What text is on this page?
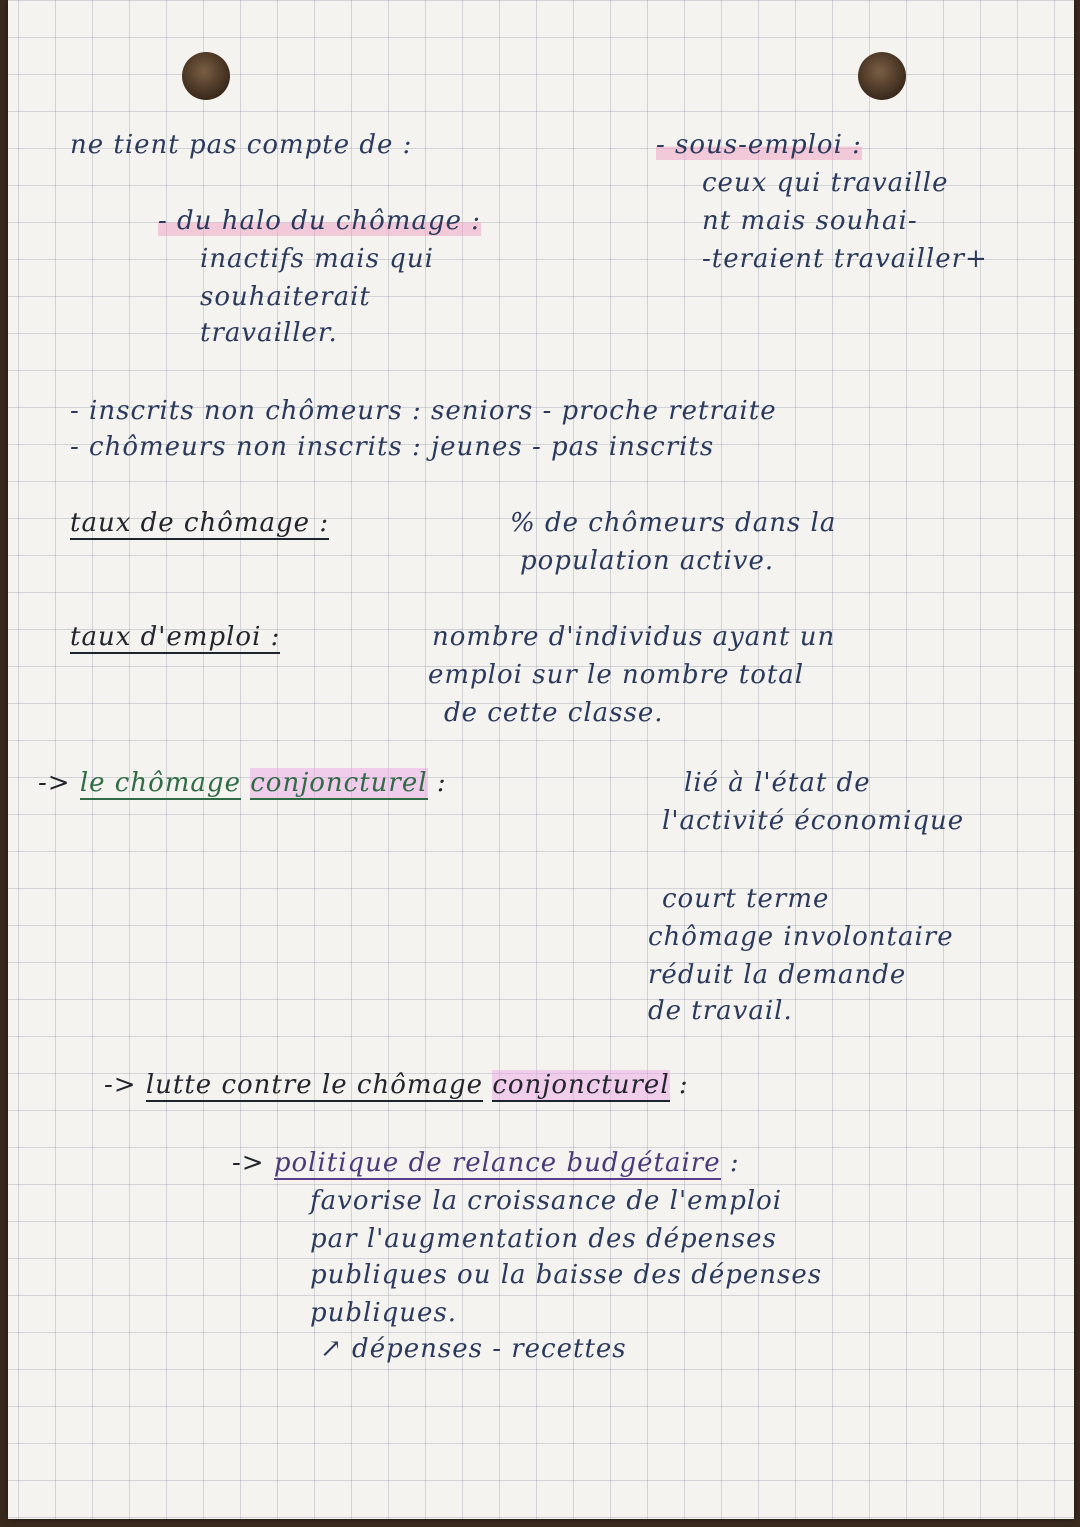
ne tient pas compte de :	- sous-emploi :
ceux qui travaille
- du halo du chômage :	nt mais souhai-
inactifs mais qui	-teraient travailler+
souhaiterait
travailler.
- inscrits non chômeurs : seniors - proche retraite
- chômeurs non inscrits : jeunes - pas inscrits
taux de chômage :	% de chômeurs dans la
population active.
taux d'emploi :	nombre d'individus ayant un
emploi sur le nombre total
de cette classe.
-> le chômage conjoncturel :	lié à l'état de
l'activité économique
court terme
chômage involontaire
réduit la demande
de travail.
-> lutte contre le chômage conjoncturel :
-> politique de relance budgétaire :
favorise la croissance de l'emploi
par l'augmentation des dépenses
publiques ou la baisse des dépenses
publiques.
↗ dépenses - recettes
